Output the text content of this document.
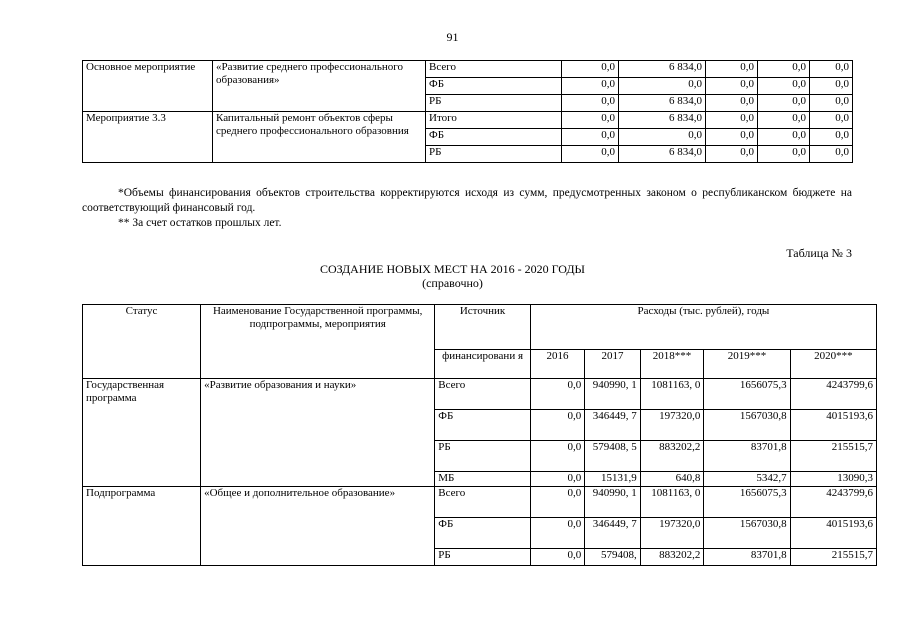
91
Основное мероприятие	«Развитие среднего профессионального образования»	Всего	0,0	6 834,0	0,0	0,0	0,0
		ФБ	0,0	0,0	0,0	0,0	0,0
		РБ	0,0	6 834,0	0,0	0,0	0,0
Мероприятие 3.3	Капитальный ремонт объектов сферы среднего профессионального образовния	Итого	0,0	6 834,0	0,0	0,0	0,0
		ФБ	0,0	0,0	0,0	0,0	0,0
		РБ	0,0	6 834,0	0,0	0,0	0,0
*Объемы финансирования объектов строительства корректируются исходя из сумм, предусмотренных законом о республиканском бюджете на соответствующий финансовый год.
** За счет остатков прошлых лет.
Таблица № 3
СОЗДАНИЕ НОВЫХ МЕСТ НА 2016 - 2020 ГОДЫ
(справочно)
Статус	Наименование Государственной программы, подпрограммы, мероприятия	Источник	Расходы (тыс. рублей), годы				
		финансировани я	2016	2017	2018***	2019***	2020***
Государственная программа	«Развитие образования и науки»	Всего	0,0	940990, 1	1081163, 0	1656075,3	4243799,6
		ФБ	0,0	346449, 7	197320,0	1567030,8	4015193,6
		РБ	0,0	579408, 5	883202,2	83701,8	215515,7
		МБ	0,0	15131,9	640,8	5342,7	13090,3
Подпрограмма	«Общее и дополнительное образование»	Всего	0,0	940990, 1	1081163, 0	1656075,3	4243799,6
		ФБ	0,0	346449, 7	197320,0	1567030,8	4015193,6
		РБ	0,0	579408,	883202,2	83701,8	215515,7
